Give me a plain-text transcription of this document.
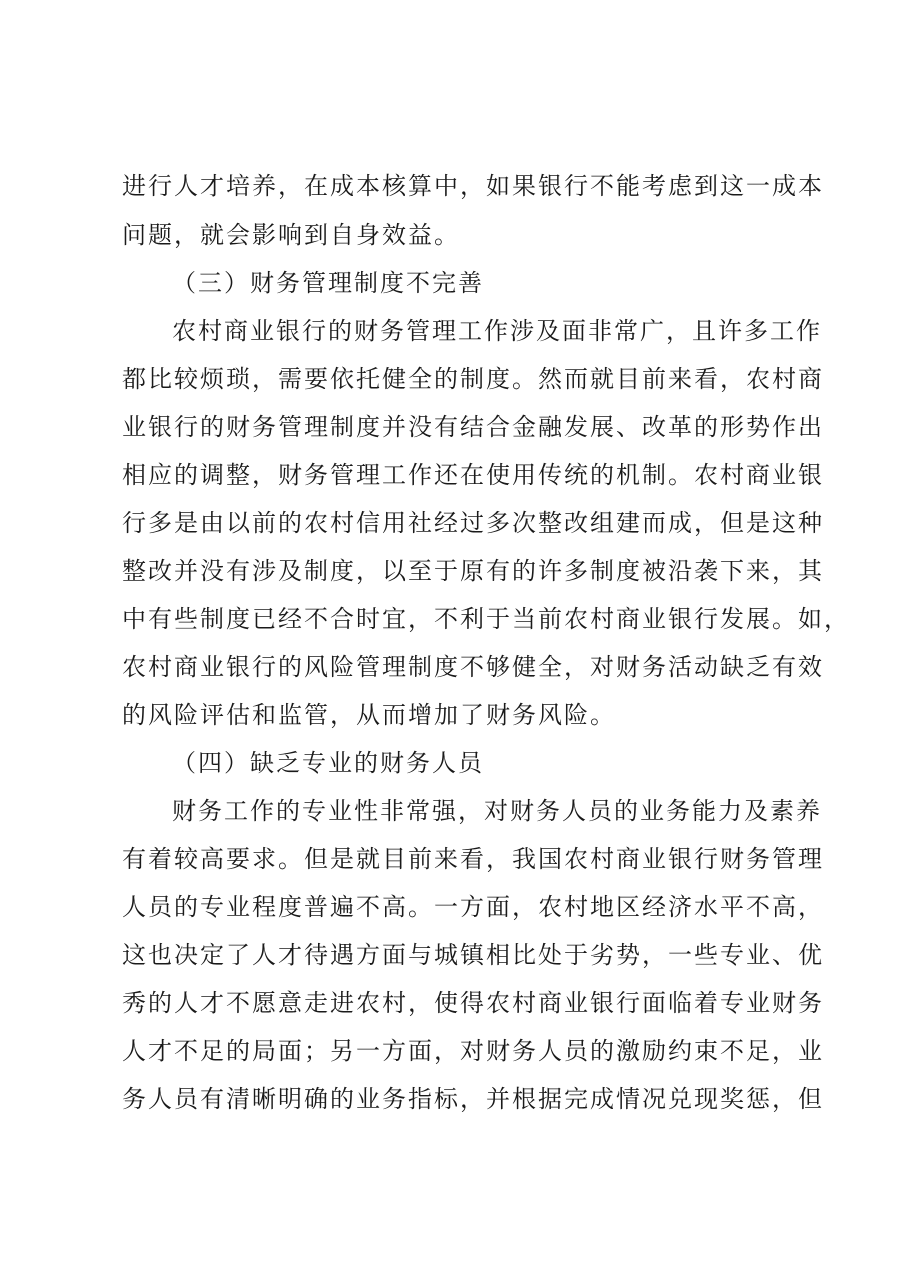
进行人才培养，在成本核算中，如果银行不能考虑到这一成本
问题，就会影响到自身效益。
（三）财务管理制度不完善
农村商业银行的财务管理工作涉及面非常广，且许多工作
都比较烦琐，需要依托健全的制度。然而就目前来看，农村商
业银行的财务管理制度并没有结合金融发展、改革的形势作出
相应的调整，财务管理工作还在使用传统的机制。农村商业银
行多是由以前的农村信用社经过多次整改组建而成，但是这种
整改并没有涉及制度，以至于原有的许多制度被沿袭下来，其
中有些制度已经不合时宜，不利于当前农村商业银行发展。如，
农村商业银行的风险管理制度不够健全，对财务活动缺乏有效
的风险评估和监管，从而增加了财务风险。
（四）缺乏专业的财务人员
财务工作的专业性非常强，对财务人员的业务能力及素养
有着较高要求。但是就目前来看，我国农村商业银行财务管理
人员的专业程度普遍不高。一方面，农村地区经济水平不高，
这也决定了人才待遇方面与城镇相比处于劣势，一些专业、优
秀的人才不愿意走进农村，使得农村商业银行面临着专业财务
人才不足的局面；另一方面，对财务人员的激励约束不足，业
务人员有清晰明确的业务指标，并根据完成情况兑现奖惩，但
